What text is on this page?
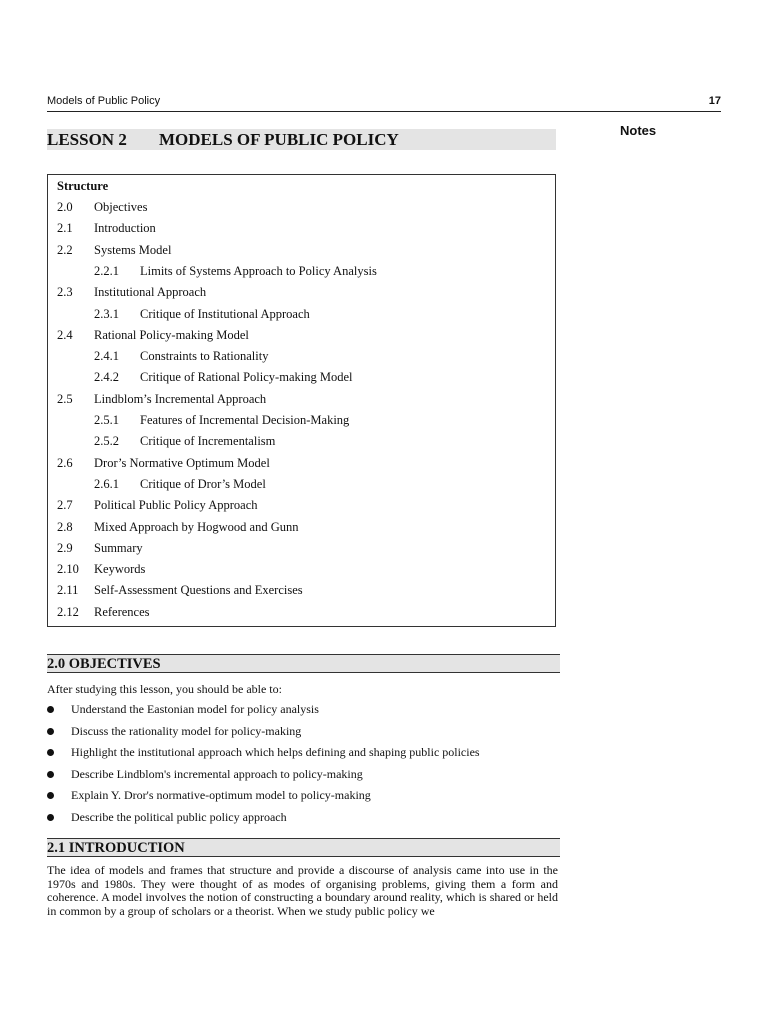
Models of Public Policy	17
Notes
LESSON 2 MODELS OF PUBLIC POLICY
Structure
2.0 Objectives
2.1 Introduction
2.2 Systems Model
2.2.1 Limits of Systems Approach to Policy Analysis
2.3 Institutional Approach
2.3.1 Critique of Institutional Approach
2.4 Rational Policy-making Model
2.4.1 Constraints to Rationality
2.4.2 Critique of Rational Policy-making Model
2.5 Lindblom’s Incremental Approach
2.5.1 Features of Incremental Decision-Making
2.5.2 Critique of Incrementalism
2.6 Dror’s Normative Optimum Model
2.6.1 Critique of Dror’s Model
2.7 Political Public Policy Approach
2.8 Mixed Approach by Hogwood and Gunn
2.9 Summary
2.10 Keywords
2.11 Self-Assessment Questions and Exercises
2.12 References
2.0 OBJECTIVES
After studying this lesson, you should be able to:
Understand the Eastonian model for policy analysis
Discuss the rationality model for policy-making
Highlight the institutional approach which helps defining and shaping public policies
Describe Lindblom's incremental approach to policy-making
Explain Y. Dror's normative-optimum model to policy-making
Describe the political public policy approach
2.1 INTRODUCTION
The idea of models and frames that structure and provide a discourse of analysis came into use in the 1970s and 1980s. They were thought of as modes of organising problems, giving them a form and coherence. A model involves the notion of constructing a boundary around reality, which is shared or held in common by a group of scholars or a theorist. When we study public policy we
